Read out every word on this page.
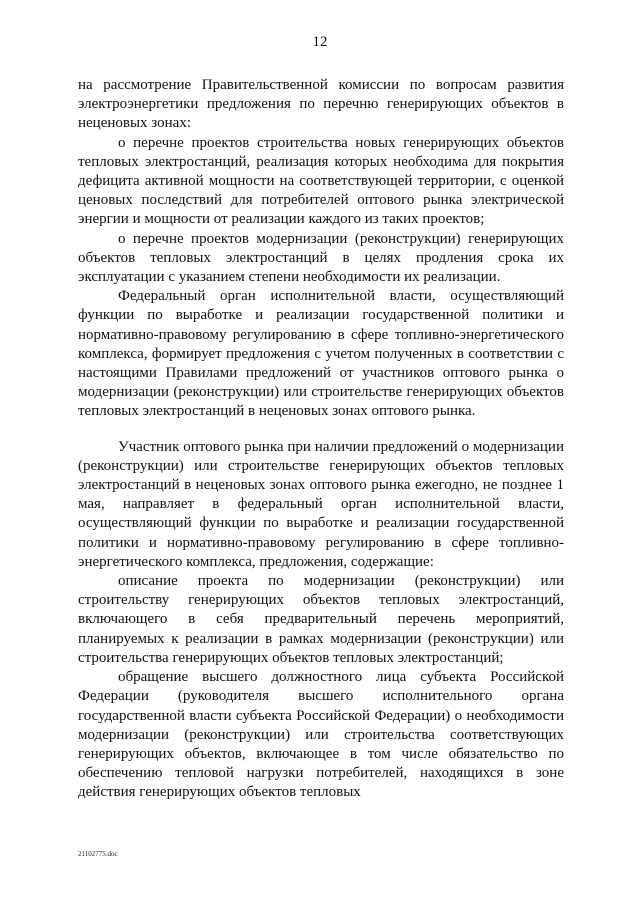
12

на рассмотрение Правительственной комиссии по вопросам развития электроэнергетики предложения по перечню генерирующих объектов в неценовых зонах:

о перечне проектов строительства новых генерирующих объектов тепловых электростанций, реализация которых необходима для покрытия дефицита активной мощности на соответствующей территории, с оценкой ценовых последствий для потребителей оптового рынка электрической энергии и мощности от реализации каждого из таких проектов;

о перечне проектов модернизации (реконструкции) генерирующих объектов тепловых электростанций в целях продления срока их эксплуатации с указанием степени необходимости их реализации.

Федеральный орган исполнительной власти, осуществляющий функции по выработке и реализации государственной политики и нормативно-правовому регулированию в сфере топливно-энергетического комплекса, формирует предложения с учетом полученных в соответствии с настоящими Правилами предложений от участников оптового рынка о модернизации (реконструкции) или строительстве генерирующих объектов тепловых электростанций в неценовых зонах оптового рынка.

Участник оптового рынка при наличии предложений о модернизации (реконструкции) или строительстве генерирующих объектов тепловых электростанций в неценовых зонах оптового рынка ежегодно, не позднее 1 мая, направляет в федеральный орган исполнительной власти, осуществляющий функции по выработке и реализации государственной политики и нормативно-правовому регулированию в сфере топливно-энергетического комплекса, предложения, содержащие:

описание проекта по модернизации (реконструкции) или строительству генерирующих объектов тепловых электростанций, включающего в себя предварительный перечень мероприятий, планируемых к реализации в рамках модернизации (реконструкции) или строительства генерирующих объектов тепловых электростанций;

обращение высшего должностного лица субъекта Российской Федерации (руководителя высшего исполнительного органа государственной власти субъекта Российской Федерации) о необходимости модернизации (реконструкции) или строительства соответствующих генерирующих объектов, включающее в том числе обязательство по обеспечению тепловой нагрузки потребителей, находящихся в зоне действия генерирующих объектов тепловых

21102775.doc
